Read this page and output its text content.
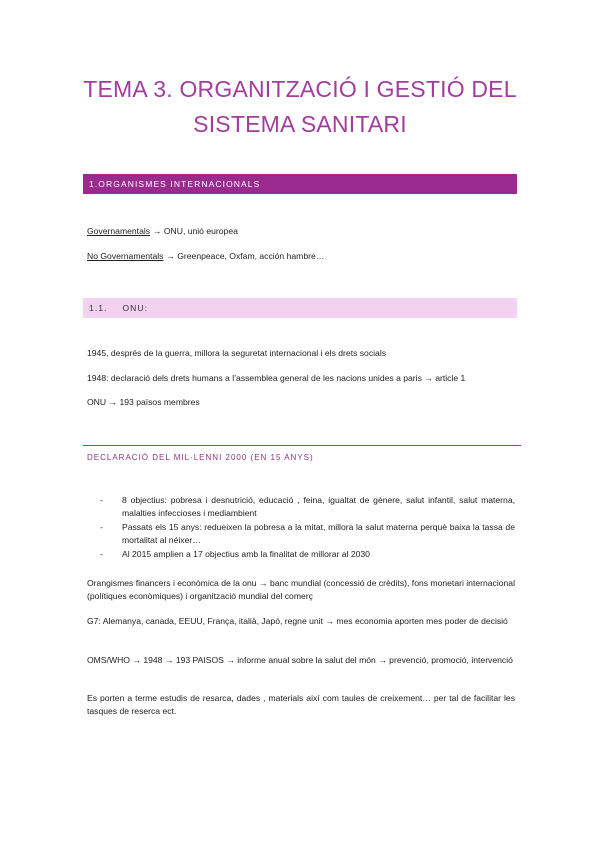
TEMA 3. ORGANITZACIÓ I GESTIÓ DEL
SISTEMA SANITARI
1.ORGANISMES INTERNACIONALS
Governamentals → ONU, unió europea
No Governamentals → Greenpeace, Oxfam, acción hambre…
1.1. ONU:
1945, després de la guerra, millora la seguretat internacional i els drets socials
1948: declaració dels drets humans a l’assemblea general de les nacions unides a paris → article 1
ONU → 193 països membres
DECLARACIÓ DEL MIL·LENNI 2000 (EN 15 ANYS)
- 8 objectius: pobresa i desnutrició, educació , feina, igualtat de gènere, salut infantil, salut materna, malalties infeccioses i mediambient
- Passats els 15 anys: redueixen la pobresa a la mitat, millora la salut materna perquè baixa la tassa de mortalitat al néixer…
- Al 2015 amplien a 17 objectius amb la finalitat de millorar al 2030
Orangismes financers i econòmica de la onu → banc mundial (concessió de crèdits), fons monetari internacional (polítiques econòmiques) i organització mundial del comerç
G7: Alemanya, canada, EEUU, França, italià, Japó, regne unit → mes economia aporten mes poder de decisió
OMS/WHO → 1948 → 193 PAISOS → informe anual sobre la salut del món → prevenció, promoció, intervenció
Es porten a terme estudis de resarca, dades , materials així com taules de creixement… per tal de facilitar les tasques de reserca ect.
